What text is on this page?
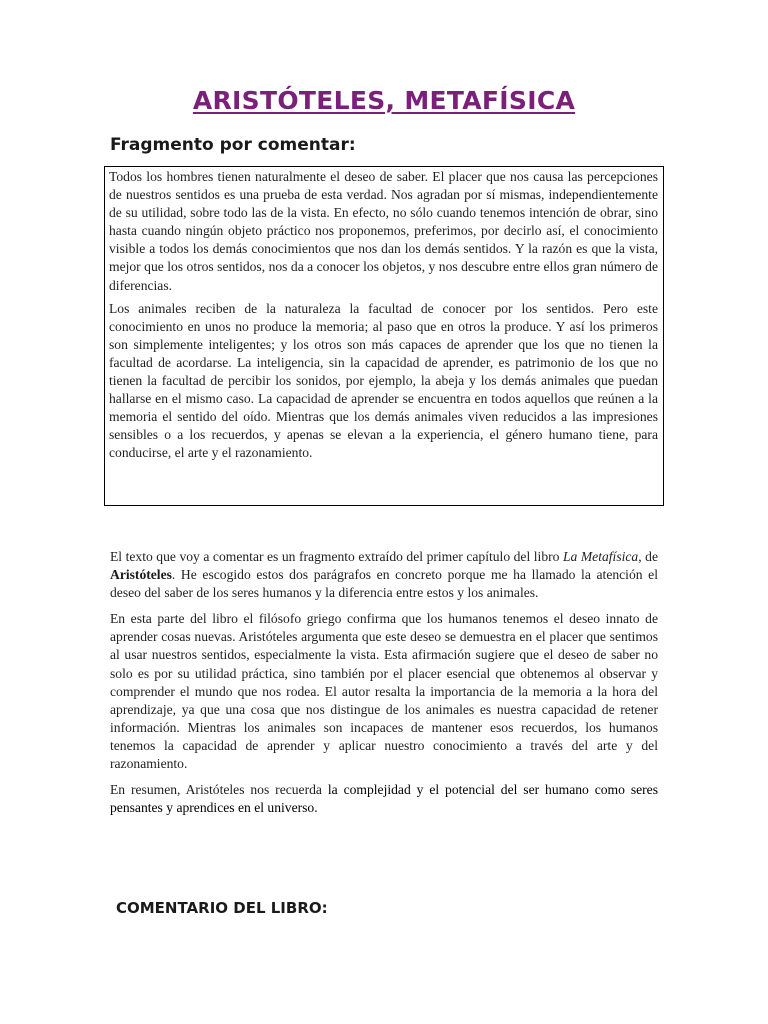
ARISTÓTELES, METAFÍSICA
Fragmento por comentar:

Todos los hombres tienen naturalmente el deseo de saber. El placer que nos causa las percepciones de nuestros sentidos es una prueba de esta verdad. Nos agradan por sí mismas, independientemente de su utilidad, sobre todo las de la vista. En efecto, no sólo cuando tenemos intención de obrar, sino hasta cuando ningún objeto práctico nos proponemos, preferimos, por decirlo así, el conocimiento visible a todos los demás conocimientos que nos dan los demás sentidos. Y la razón es que la vista, mejor que los otros sentidos, nos da a conocer los objetos, y nos descubre entre ellos gran número de diferencias.

Los animales reciben de la naturaleza la facultad de conocer por los sentidos. Pero este conocimiento en unos no produce la memoria; al paso que en otros la produce. Y así los primeros son simplemente inteligentes; y los otros son más capaces de aprender que los que no tienen la facultad de acordarse. La inteligencia, sin la capacidad de aprender, es patrimonio de los que no tienen la facultad de percibir los sonidos, por ejemplo, la abeja y los demás animales que puedan hallarse en el mismo caso. La capacidad de aprender se encuentra en todos aquellos que reúnen a la memoria el sentido del oído. Mientras que los demás animales viven reducidos a las impresiones sensibles o a los recuerdos, y apenas se elevan a la experiencia, el género humano tiene, para conducirse, el arte y el razonamiento.

El texto que voy a comentar es un fragmento extraído del primer capítulo del libro La Metafísica, de Aristóteles. He escogido estos dos parágrafos en concreto porque me ha llamado la atención el deseo del saber de los seres humanos y la diferencia entre estos y los animales.

En esta parte del libro el filósofo griego confirma que los humanos tenemos el deseo innato de aprender cosas nuevas. Aristóteles argumenta que este deseo se demuestra en el placer que sentimos al usar nuestros sentidos, especialmente la vista. Esta afirmación sugiere que el deseo de saber no solo es por su utilidad práctica, sino también por el placer esencial que obtenemos al observar y comprender el mundo que nos rodea. El autor resalta la importancia de la memoria a la hora del aprendizaje, ya que una cosa que nos distingue de los animales es nuestra capacidad de retener información. Mientras los animales son incapaces de mantener esos recuerdos, los humanos tenemos la capacidad de aprender y aplicar nuestro conocimiento a través del arte y del razonamiento.

En resumen, Aristóteles nos recuerda la complejidad y el potencial del ser humano como seres pensantes y aprendices en el universo.

COMENTARIO DEL LIBRO:
